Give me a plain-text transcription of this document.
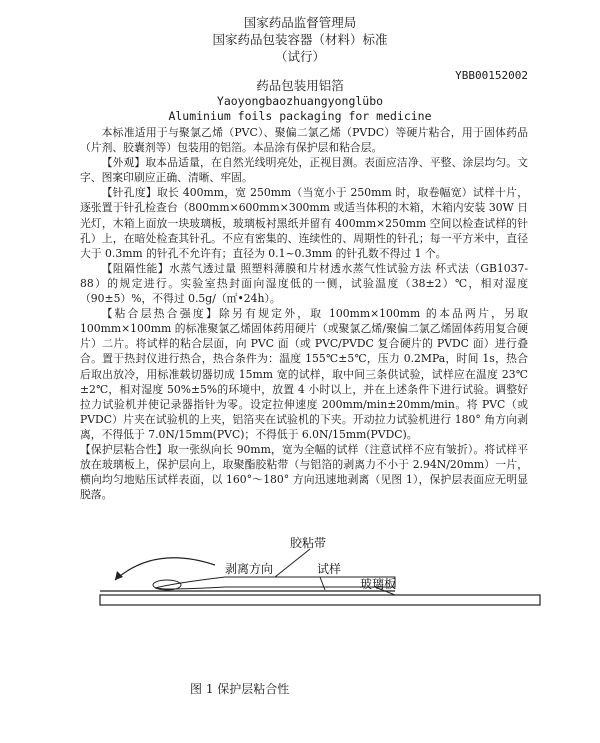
国家药品监督管理局
国家药品包装容器（材料）标准
（试行）
YBB00152002
药品包装用铝箔
Yaoyongbaozhuangyonglübo
Aluminium foils packaging for medicine

本标准适用于与聚氯乙烯（PVC）、聚偏二氯乙烯（PVDC）等硬片粘合，用于固体药品（片剂、胶囊剂等）包装用的铝箔。本品涂有保护层和粘合层。

【外观】取本品适量，在自然光线明亮处，正视目测。表面应洁净、平整、涂层均匀。文字、图案印刷应正确、清晰、牢固。

【针孔度】取长 400mm，宽 250mm（当宽小于 250mm 时，取卷幅宽）试样十片，逐张置于针孔检查台（800mm×600mm×300mm 或适当体积的木箱，木箱内安装 30W 日光灯，木箱上面放一块玻璃板，玻璃板衬黑纸并留有 400mm×250mm 空间以检查试样的针孔）上，在暗处检查其针孔。不应有密集的、连续性的、周期性的针孔；每一平方米中，直径大于 0.3mm 的针孔不允许有；直径为 0.1~0.3mm 的针孔数不得过 1 个。

【阻隔性能】水蒸气透过量 照塑料薄膜和片材透水蒸气性试验方法 杯式法（GB1037-88）的规定进行。实验室热封面向湿度低的一侧，试验温度（38±2）℃，相对湿度（90±5）%，不得过 0.5g/（㎡•24h）。

【粘合层热合强度】除另有规定外，取 100mm×100mm 的本品两片，另取 100mm×100mm 的标准聚氯乙烯固体药用硬片（或聚氯乙烯/聚偏二氯乙烯固体药用复合硬片）二片。将试样的粘合层面，向 PVC 面（或 PVC/PVDC 复合硬片的 PVDC 面）进行叠合。置于热封仪进行热合，热合条件为：温度 155℃±5℃，压力 0.2MPa，时间 1s，热合后取出放冷，用标准载切器切成 15mm 宽的试样，取中间三条供试验，试样应在温度 23℃±2℃，相对湿度 50%±5%的环境中，放置 4 小时以上，并在上述条件下进行试验。调整好拉力试验机并使记录器指针为零。设定拉伸速度 200mm/min±20mm/min。将 PVC（或 PVDC）片夹在试验机的上夹，铝箔夹在试验机的下夹。开动拉力试验机进行 180° 角方向剥离，不得低于 7.0N/15mm(PVC)；不得低于 6.0N/15mm(PVDC)。

【保护层粘合性】取一张纵向长 90mm，宽为全幅的试样（注意试样不应有皱折）。将试样平放在玻璃板上，保护层向上，取聚酯胶粘带（与铝箔的剥离力不小于 2.94N/20mm）一片，横向均匀地贴压试样表面，以 160°～180° 方向迅速地剥离（见图 1），保护层表面应无明显脱落。

胶粘带
剥离方向	试样
玻璃板
图 1 保护层粘合性
